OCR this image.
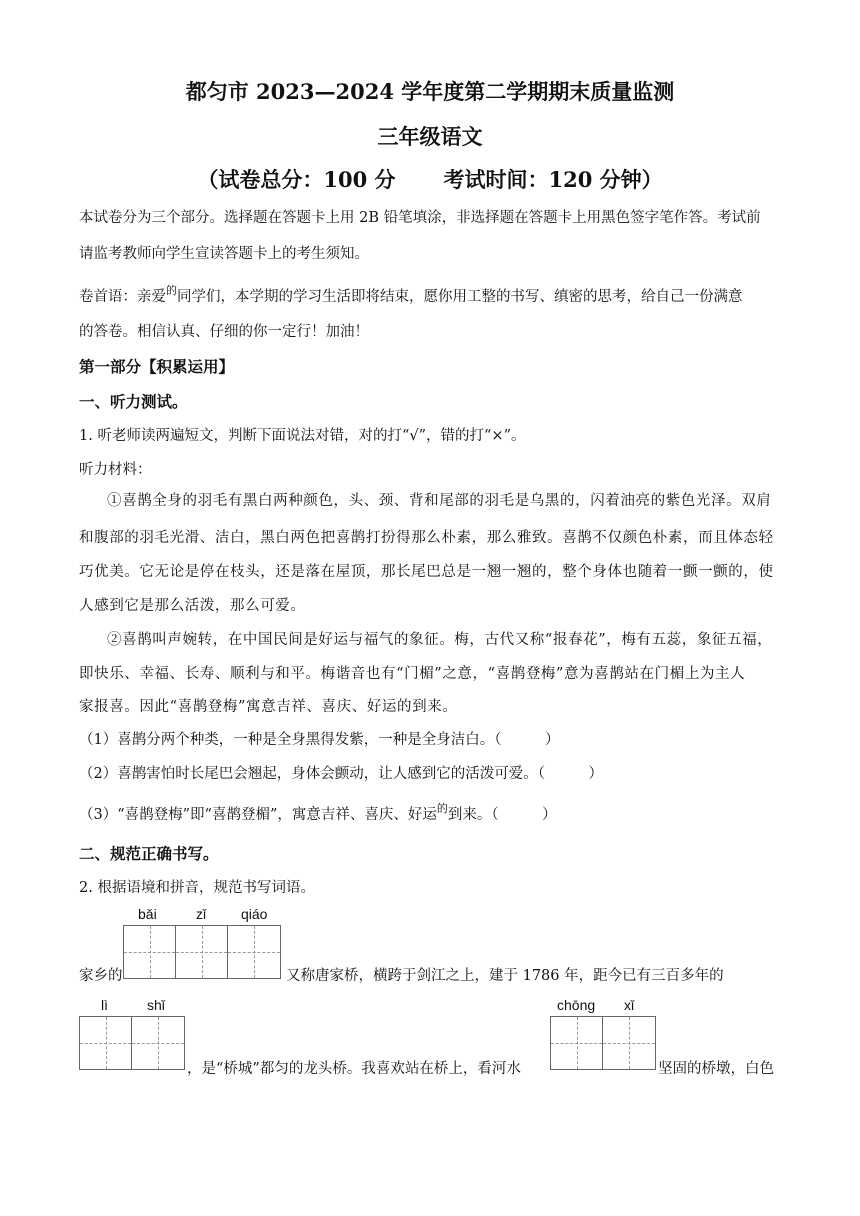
都匀市 2023—2024 学年度第二学期期末质量监测
三年级语文
（试卷总分：100 分 考试时间：120 分钟）
本试卷分为三个部分。选择题在答题卡上用 2B 铅笔填涂，非选择题在答题卡上用黑色签字笔作答。考试前
请监考教师向学生宣读答题卡上的考生须知。
卷首语：亲爱$^的$同学们，本学期的学习生活即将结束，愿你用工整的书写、缜密的思考，给自己一份满意
的答卷。相信认真、仔细的你一定行！加油！
第一部分【积累运用】
一、听力测试。
1. 听老师读两遍短文，判断下面说法对错，对的打“√”，错的打“×”。
听力材料：
①喜鹊全身的羽毛有黑白两种颜色，头、颈、背和尾部的羽毛是乌黑的，闪着油亮的紫色光泽。双肩
和腹部的羽毛光滑、洁白，黑白两色把喜鹊打扮得那么朴素，那么雅致。喜鹊不仅颜色朴素，而且体态轻
巧优美。它无论是停在枝头，还是落在屋顶，那长尾巴总是一翘一翘的，整个身体也随着一颤一颤的，使
人感到它是那么活泼，那么可爱。
②喜鹊叫声婉转，在中国民间是好运与福气的象征。梅，古代又称“报春花”，梅有五蕊，象征五福，
即快乐、幸福、长寿、顺利与和平。梅谐音也有“门楣”之意，“喜鹊登梅”意为喜鹊站在门楣上为主人
家报喜。因此“喜鹊登梅”寓意吉祥、喜庆、好运的到来。
（1）喜鹊分两个种类，一种是全身黑得发紫，一种是全身洁白。（　　　）
（2）喜鹊害怕时长尾巴会翘起，身体会颤动，让人感到它的活泼可爱。（　　　）
（3）“喜鹊登梅”即“喜鹊登楣”，寓意吉祥、喜庆、好运$^的$到来。（　　　）
二、规范正确书写。
2. 根据语境和拼音，规范书写词语。
bǎi	zǐ qiáo
家乡的	又称唐家桥，横跨于剑江之上，建于 1786 年，距今已有三百多年的
lì	shǐ	chōng xǐ
，是“桥城”都匀的龙头桥。我喜欢站在桥上，看河水	坚固的桥墩，白色
